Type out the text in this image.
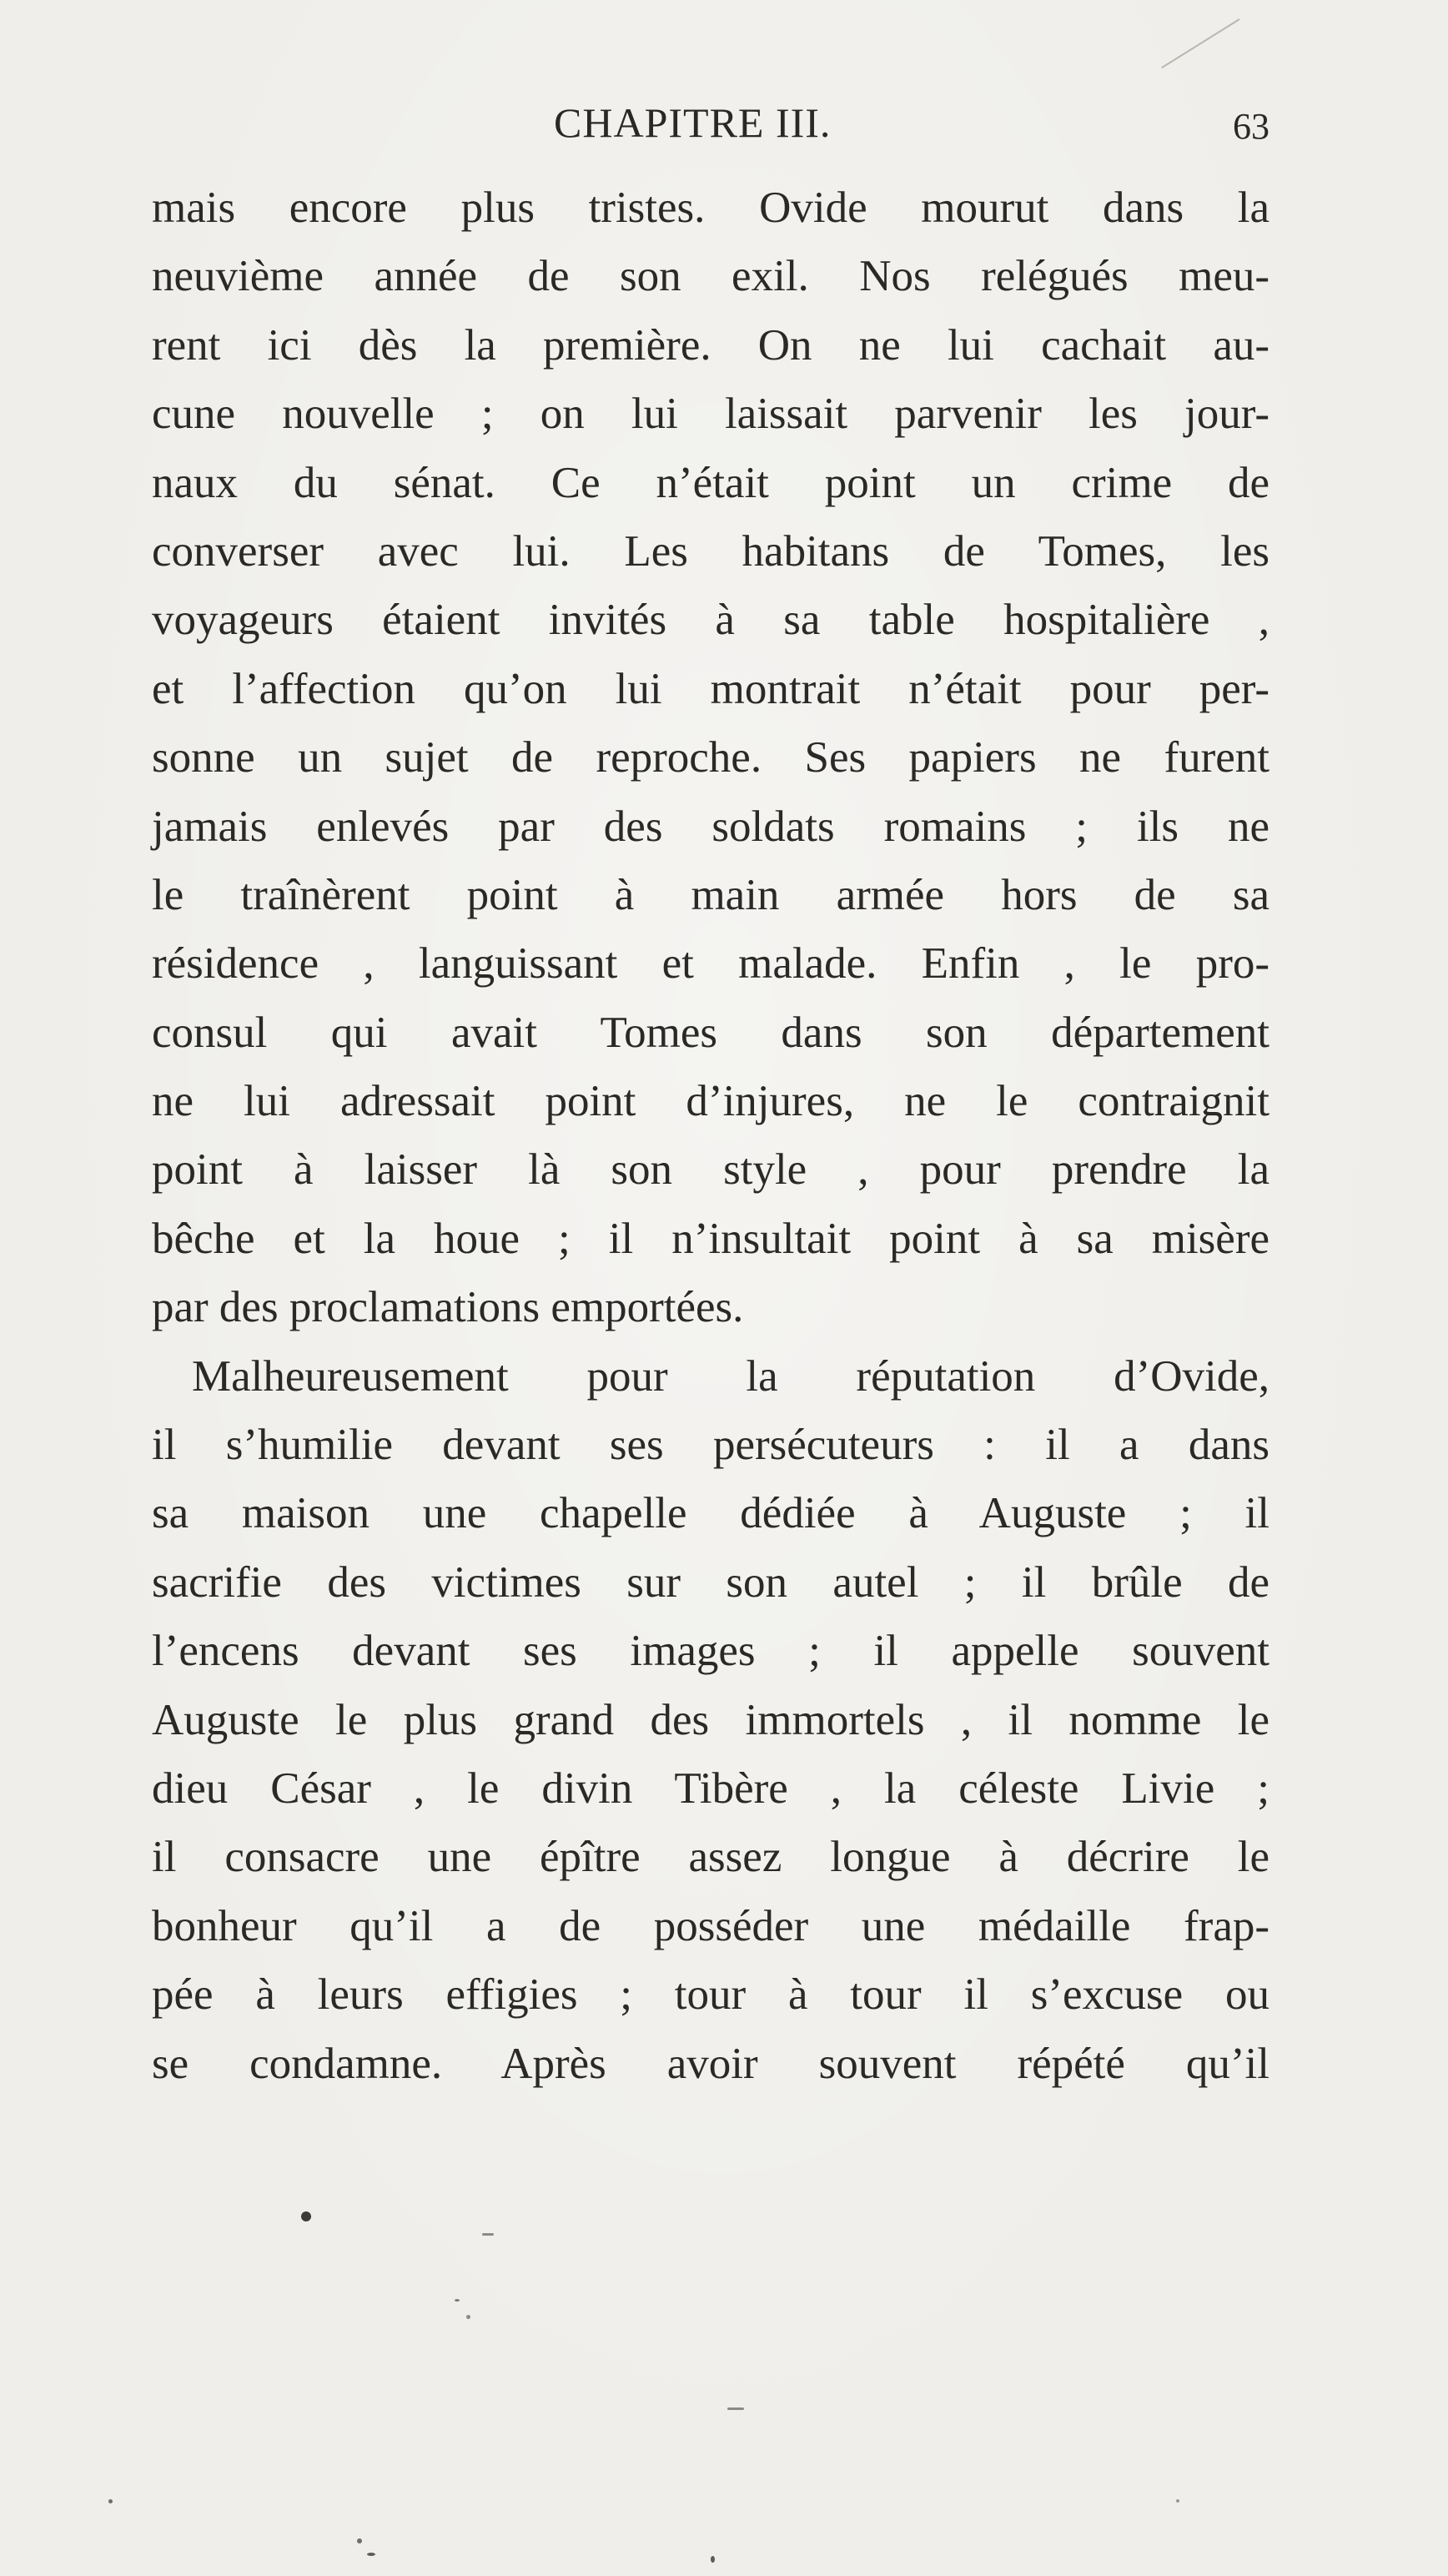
CHAPITRE III.	63
mais encore plus tristes. Ovide mourut dans la
neuvième année de son exil. Nos relégués meu-
rent ici dès la première. On ne lui cachait au-
cune nouvelle ; on lui laissait parvenir les jour-
naux du sénat. Ce n’était point un crime de
converser avec lui. Les habitans de Tomes, les
voyageurs étaient invités à sa table hospitalière ,
et l’affection qu’on lui montrait n’était pour per-
sonne un sujet de reproche. Ses papiers ne furent
jamais enlevés par des soldats romains ; ils ne
le traînèrent point à main armée hors de sa
résidence , languissant et malade. Enfin , le pro-
consul qui avait Tomes dans son département
ne lui adressait point d’injures, ne le contraignit
point à laisser là son style , pour prendre la
bêche et la houe ; il n’insultait point à sa misère
par des proclamations emportées.
Malheureusement pour la réputation d’Ovide,
il s’humilie devant ses persécuteurs : il a dans
sa maison une chapelle dédiée à Auguste ; il
sacrifie des victimes sur son autel ; il brûle de
l’encens devant ses images ; il appelle souvent
Auguste le plus grand des immortels , il nomme le
dieu César , le divin Tibère , la céleste Livie ;
il consacre une épître assez longue à décrire le
bonheur qu’il a de posséder une médaille frap-
pée à leurs effigies ; tour à tour il s’excuse ou
se condamne. Après avoir souvent répété qu’il
